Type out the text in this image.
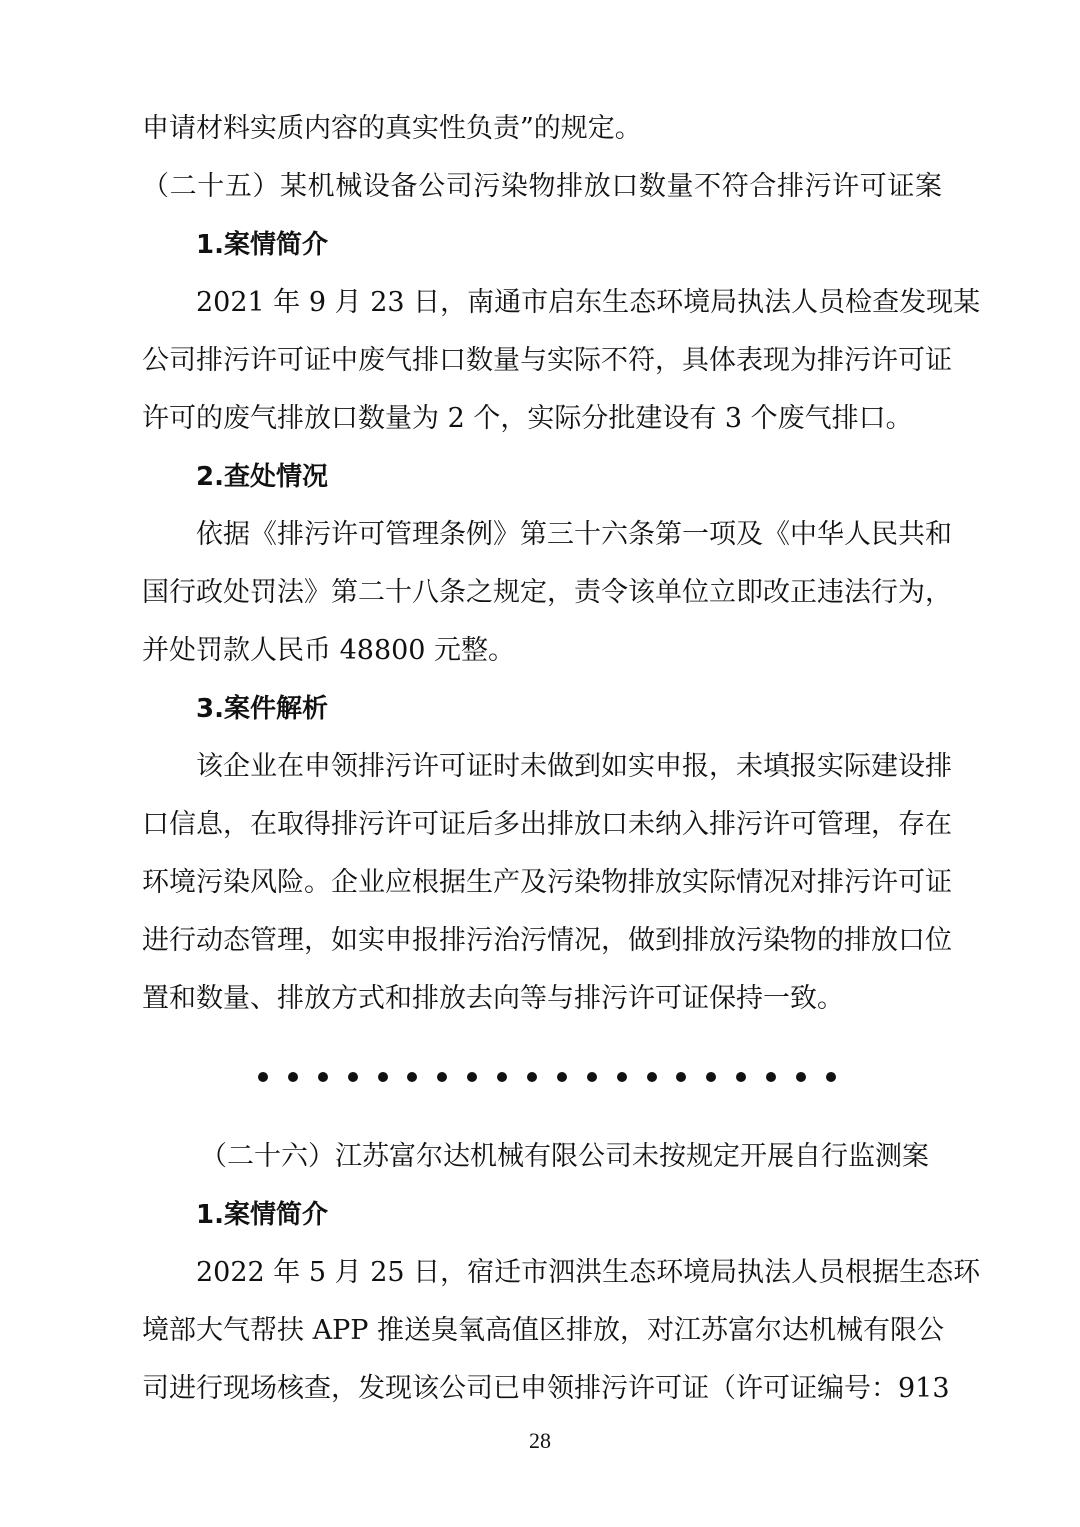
申请材料实质内容的真实性负责”的规定。
（二十五）某机械设备公司污染物排放口数量不符合排污许可证案
1.案情简介
2021 年 9 月 23 日，南通市启东生态环境局执法人员检查发现某
公司排污许可证中废气排口数量与实际不符，具体表现为排污许可证
许可的废气排放口数量为 2 个，实际分批建设有 3 个废气排口。
2.查处情况
依据《排污许可管理条例》第三十六条第一项及《中华人民共和
国行政处罚法》第二十八条之规定，责令该单位立即改正违法行为，
并处罚款人民币 48800 元整。
3.案件解析
该企业在申领排污许可证时未做到如实申报，未填报实际建设排
口信息，在取得排污许可证后多出排放口未纳入排污许可管理，存在
环境污染风险。企业应根据生产及污染物排放实际情况对排污许可证
进行动态管理，如实申报排污治污情况，做到排放污染物的排放口位
置和数量、排放方式和排放去向等与排污许可证保持一致。
（二十六）江苏富尔达机械有限公司未按规定开展自行监测案
1.案情简介
2022 年 5 月 25 日，宿迁市泗洪生态环境局执法人员根据生态环
境部大气帮扶 APP 推送臭氧高值区排放，对江苏富尔达机械有限公
司进行现场核查，发现该公司已申领排污许可证（许可证编号：913
28
